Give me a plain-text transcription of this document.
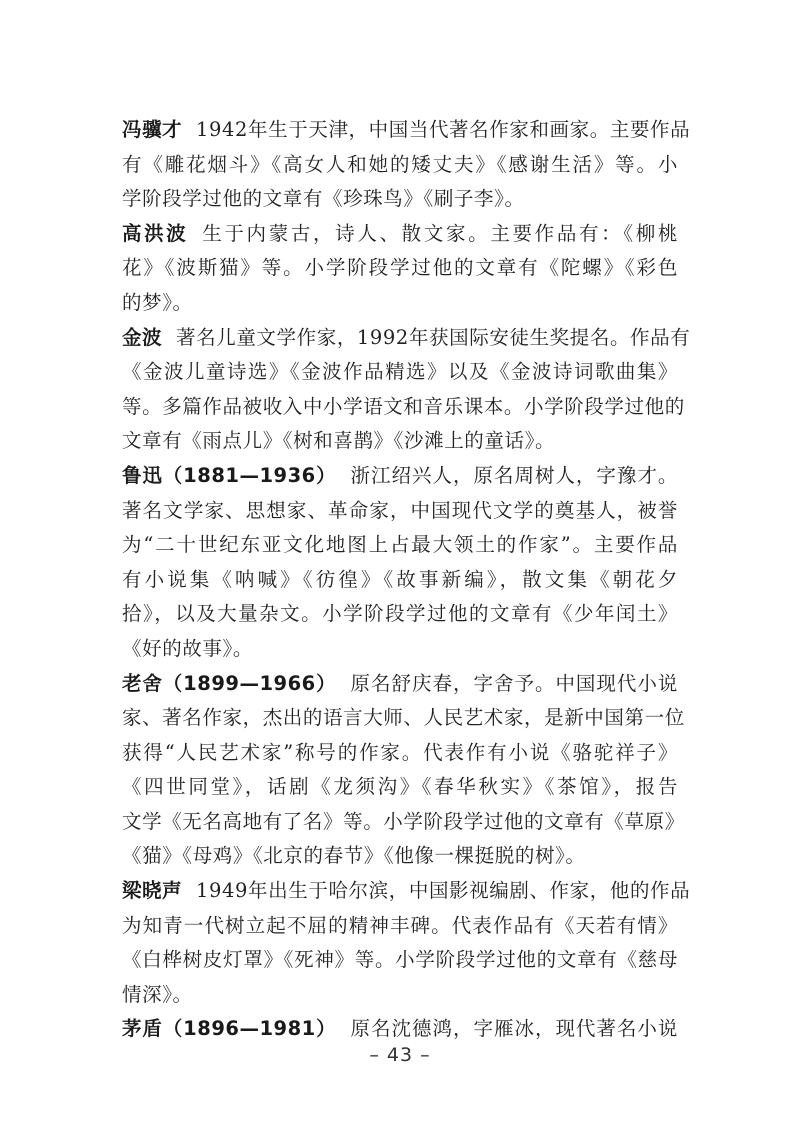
冯骥才 1942年生于天津，中国当代著名作家和画家。主要作品
有《雕花烟斗》《高女人和她的矮丈夫》《感谢生活》等。小
学阶段学过他的文章有《珍珠鸟》《刷子李》。
高洪波 生于内蒙古，诗人、散文家。主要作品有：《柳桃
花》《波斯猫》等。小学阶段学过他的文章有《陀螺》《彩色
的梦》。
金波 著名儿童文学作家，1992年获国际安徒生奖提名。作品有
《金波儿童诗选》《金波作品精选》以及《金波诗词歌曲集》
等。多篇作品被收入中小学语文和音乐课本。小学阶段学过他的
文章有《雨点儿》《树和喜鹊》《沙滩上的童话》。
鲁迅（1881—1936） 浙江绍兴人，原名周树人，字豫才。
著名文学家、思想家、革命家，中国现代文学的奠基人，被誉
为“二十世纪东亚文化地图上占最大领土的作家”。主要作品
有小说集《呐喊》《彷徨》《故事新编》，散文集《朝花夕
拾》，以及大量杂文。小学阶段学过他的文章有《少年闰土》
《好的故事》。
老舍（1899—1966） 原名舒庆春，字舍予。中国现代小说
家、著名作家，杰出的语言大师、人民艺术家，是新中国第一位
获得“人民艺术家”称号的作家。代表作有小说《骆驼祥子》
《四世同堂》，话剧《龙须沟》《春华秋实》《茶馆》，报告
文学《无名高地有了名》等。小学阶段学过他的文章有《草原》
《猫》《母鸡》《北京的春节》《他像一棵挺脱的树》。
梁晓声 1949年出生于哈尔滨，中国影视编剧、作家，他的作品
为知青一代树立起不屈的精神丰碑。代表作品有《天若有情》
《白桦树皮灯罩》《死神》等。小学阶段学过他的文章有《慈母
情深》。
茅盾（1896—1981） 原名沈德鸿，字雁冰，现代著名小说
– 43 –
